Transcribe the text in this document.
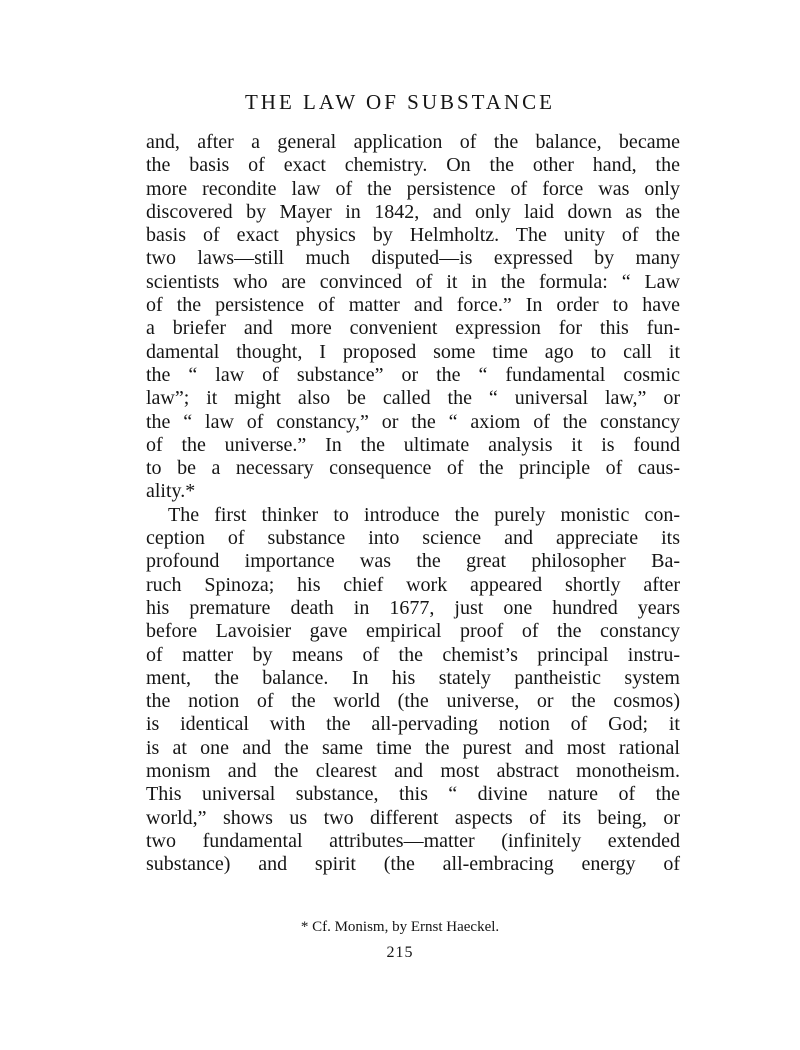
THE LAW OF SUBSTANCE
and, after a general application of the balance, became
the basis of exact chemistry. On the other hand, the
more recondite law of the persistence of force was only
discovered by Mayer in 1842, and only laid down as the
basis of exact physics by Helmholtz. The unity of the
two laws—still much disputed—is expressed by many
scientists who are convinced of it in the formula: “ Law
of the persistence of matter and force.” In order to have
a briefer and more convenient expression for this fun-
damental thought, I proposed some time ago to call it
the “ law of substance” or the “ fundamental cosmic
law”; it might also be called the “ universal law,” or
the “ law of constancy,” or the “ axiom of the constancy
of the universe.” In the ultimate analysis it is found
to be a necessary consequence of the principle of caus-
ality.*
The first thinker to introduce the purely monistic con-
ception of substance into science and appreciate its
profound importance was the great philosopher Ba-
ruch Spinoza; his chief work appeared shortly after
his premature death in 1677, just one hundred years
before Lavoisier gave empirical proof of the constancy
of matter by means of the chemist’s principal instru-
ment, the balance. In his stately pantheistic system
the notion of the world (the universe, or the cosmos)
is identical with the all-pervading notion of God; it
is at one and the same time the purest and most rational
monism and the clearest and most abstract monotheism.
This universal substance, this “ divine nature of the
world,” shows us two different aspects of its being, or
two fundamental attributes—matter (infinitely extended
substance) and spirit (the all-embracing energy of
* Cf. Monism, by Ernst Haeckel.
215
